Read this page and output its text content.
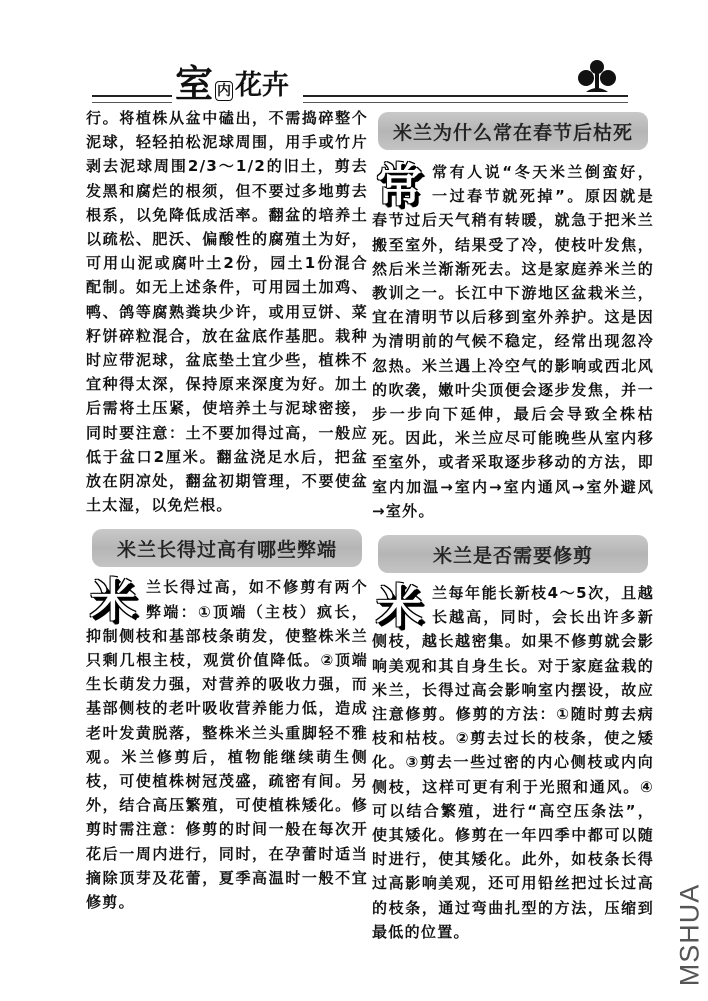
室 内 花卉

行。将植株从盆中磕出，不需捣碎整个泥球，轻轻拍松泥球周围，用手或竹片剥去泥球周围2/3～1/2的旧土，剪去发黑和腐烂的根须，但不要过多地剪去根系，以免降低成活率。翻盆的培养土以疏松、肥沃、偏酸性的腐殖土为好，可用山泥或腐叶土2份，园土1份混合配制。如无上述条件，可用园土加鸡、鸭、鸽等腐熟粪块少许，或用豆饼、菜籽饼碎粒混合，放在盆底作基肥。栽种时应带泥球，盆底垫土宜少些，植株不宜种得太深，保持原来深度为好。加土后需将土压紧，使培养土与泥球密接，同时要注意：土不要加得过高，一般应低于盆口2厘米。翻盆浇足水后，把盆放在阴凉处，翻盆初期管理，不要使盆土太湿，以免烂根。

米兰长得过高有哪些弊端
米 兰长得过高，如不修剪有两个弊端：①顶端（主枝）疯长，抑制侧枝和基部枝条萌发，使整株米兰只剩几根主枝，观赏价值降低。②顶端生长萌发力强，对营养的吸收力强，而基部侧枝的老叶吸收营养能力低，造成老叶发黄脱落，整株米兰头重脚轻不雅观。米兰修剪后，植物能继续萌生侧枝，可使植株树冠茂盛，疏密有间。另外，结合高压繁殖，可使植株矮化。修剪时需注意：修剪的时间一般在每次开花后一周内进行，同时，在孕蕾时适当摘除顶芽及花蕾，夏季高温时一般不宜修剪。

米兰为什么常在春节后枯死
常 常有人说“冬天米兰倒蛮好，一过春节就死掉”。原因就是春节过后天气稍有转暖，就急于把米兰搬至室外，结果受了冷，使枝叶发焦，然后米兰渐渐死去。这是家庭养米兰的教训之一。长江中下游地区盆栽米兰，宜在清明节以后移到室外养护。这是因为清明前的气候不稳定，经常出现忽冷忽热。米兰遇上冷空气的影响或西北风的吹袭，嫩叶尖顶便会逐步发焦，并一步一步向下延伸，最后会导致全株枯死。因此，米兰应尽可能晚些从室内移至室外，或者采取逐步移动的方法，即室内加温→室内→室内通风→室外避风→室外。

米兰是否需要修剪
米 兰每年能长新枝4～5次，且越长越高，同时，会长出许多新侧枝，越长越密集。如果不修剪就会影响美观和其自身生长。对于家庭盆栽的米兰，长得过高会影响室内摆设，故应注意修剪。修剪的方法：①随时剪去病枝和枯枝。②剪去过长的枝条，使之矮化。③剪去一些过密的内心侧枝或内向侧枝，这样可更有利于光照和通风。④可以结合繁殖，进行“高空压条法”，使其矮化。修剪在一年四季中都可以随时进行，使其矮化。此外，如枝条长得过高影响美观，还可用铅丝把过长过高的枝条，通过弯曲扎型的方法，压缩到最低的位置。	MSHUA
